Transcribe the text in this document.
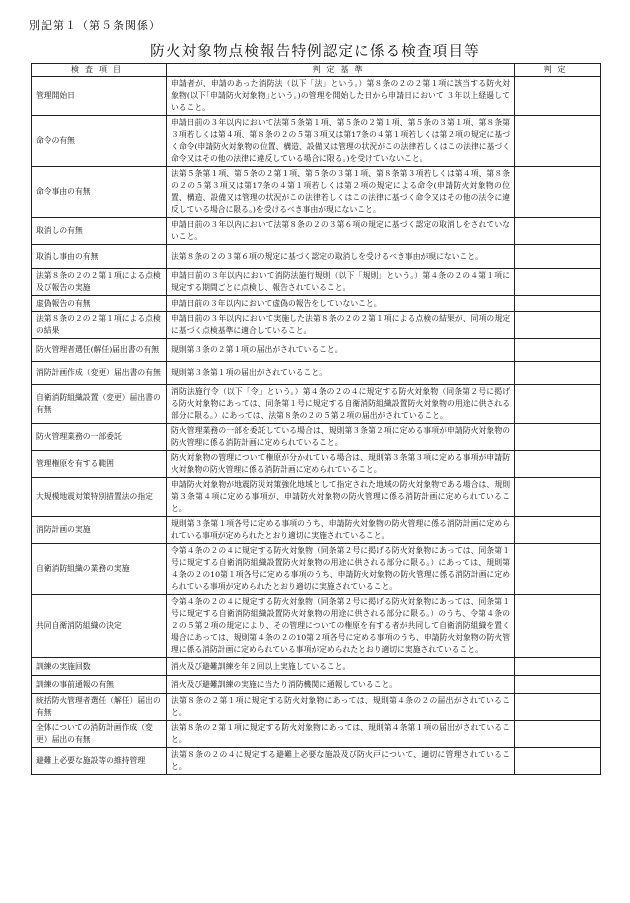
別記第１（第５条関係）
防火対象物点検報告特例認定に係る検査項目等
検査項目	判定基準	判定
管理開始日	申請者が、申請のあった消防法（以下「法」という。）第８条の２の２第１項に該当する防火対象物(以下｢申請防火対象物｣という。)の管理を開始した日から申請日において ３年以上経過していること。	
命令の有無	申請日前の３年以内において法第５条第１項、第５条の２第１項、第５条の３第１項、第８条第３項若しくは第４項、第８条の２の５第３項又は第17条の４第１項若しくは第２項の規定に基づく命令(申請防火対象物の位置、構造、設備又は管理の状況がこの法律若しくはこの法律に基づく命令又はその他の法律に違反している場合に限る。)を受けていないこと。	
命令事由の有無	法第５条第１項、第５条の２第１項、第５条の３第１項、第８条第３項若しくは第４項、第８条の２の５第３項又は第17条の４第１項若しくは第２項の規定による命令(申請防火対象物の位置、構造、設備又は管理の状況がこの法律若しくはこの法律に基づく命令又はその他の法令に違反している場合に限る。)を受けるべき事由が現にないこと。	
取消しの有無	申請日前の３年以内において法第８条の２の３第６項の規定に基づく認定の取消しをされていないこと。	
取消し事由の有無	法第８条の２の３第６項の規定に基づく認定の取消しを受けるべき事由が現にないこと。	
法第８条の２の２第１項による点検及び報告の実施	申請日前の３年以内において消防法施行規則（以下「規則」という。）第４条の２の４第１項に規定する期間ごとに点検し、報告されていること。	
虚偽報告の有無	申請日前の３年以内において虚偽の報告をしていないこと。	
法第８条の２の２第１項による点検の結果	申請日前の３年以内において実施した法第８条の２の２第１項による点検の結果が、同項の規定に基づく点検基準に適合していること。	
防火管理者選任(解任)届出書の有無	規則第３条の２第１項の届出がされていること。	
消防計画作成（変更）届出書の有無	規則第３条第１項の届出がされていること。	
自衛消防組織設置（変更）届出書の有無	消防法施行令（以下「令」という。）第４条の２の４に規定する防火対象物（同条第２号に掲げる防火対象物にあっては、同条第１号に規定する自衛消防組織設置防火対象物の用途に供される部分に限る。）にあっては、法第８条の２の５第２項の届出がされていること。	
防火管理業務の一部委託	防火管理業務の一部を委託している場合は、規則第３条第２項に定める事項が申請防火対象物の防火管理に係る消防計画に定められていること。	
管理権原を有する範囲	防火対象物の管理について権原が分かれている場合は、規則第３条第３項に定める事項が申請防火対象物の防火管理に係る消防計画に定められていること。	
大規模地震対策特別措置法の指定	申請防火対象物が地震防災対策強化地域として指定された地域の防火対象物である場合は、規則第３条第４項に定める事項が、申請防火対象物の防火管理に係る消防計画に定められていること。	
消防計画の実施	規則第３条第１項各号に定める事項のうち、申請防火対象物の防火管理に係る消防計画に定められている事項が定められたとおり適切に実施されていること。	
自衛消防組織の業務の実施	令第４条の２の４に規定する防火対象物（同条第２号に掲げる防火対象物にあっては、同条第１号に規定する自衛消防組織設置防火対象物の用途に供される部分に限る。）にあっては、規則第４条の２の10第１項各号に定める事項のうち、申請防火対象物の防火管理に係る消防計画に定められている事項が定められたとおり適切に実施されていること。	
共同自衛消防組織の決定	令第４条の２の４に規定する防火対象物（同条第２号に掲げる防火対象物にあっては、同条第１号に規定する自衛消防組織設置防火対象物の用途に供される部分に限る。）のうち、令第４条の２の５第２項の規定により、その管理についての権原を有する者が共同して自衛消防組織を置く場合にあっては、規則第４条の２の10第２項各号に定める事項のうち、申請防火対象物の防火管理に係る消防計画に定められている事項が定められたとおり適切に実施されていること。	
訓練の実施回数	消火及び避難訓練を年２回以上実施していること。	
訓練の事前通報の有無	消火及び避難訓練の実施に当たり消防機関に通報していること。	
統括防火管理者選任（解任）届出の有無	法第８条の２第１項に規定する防火対象物にあっては、規則第４条の２の届出がされていること。	
全体についての消防計画作成（変更）届出の有無	法第８条の２第１項に規定する防火対象物にあっては、規則第４条第１項の届出がされていること。	
避難上必要な施設等の維持管理	法第８条の２の４に規定する避難上必要な施設及び防火戸について、適切に管理されていること。	
